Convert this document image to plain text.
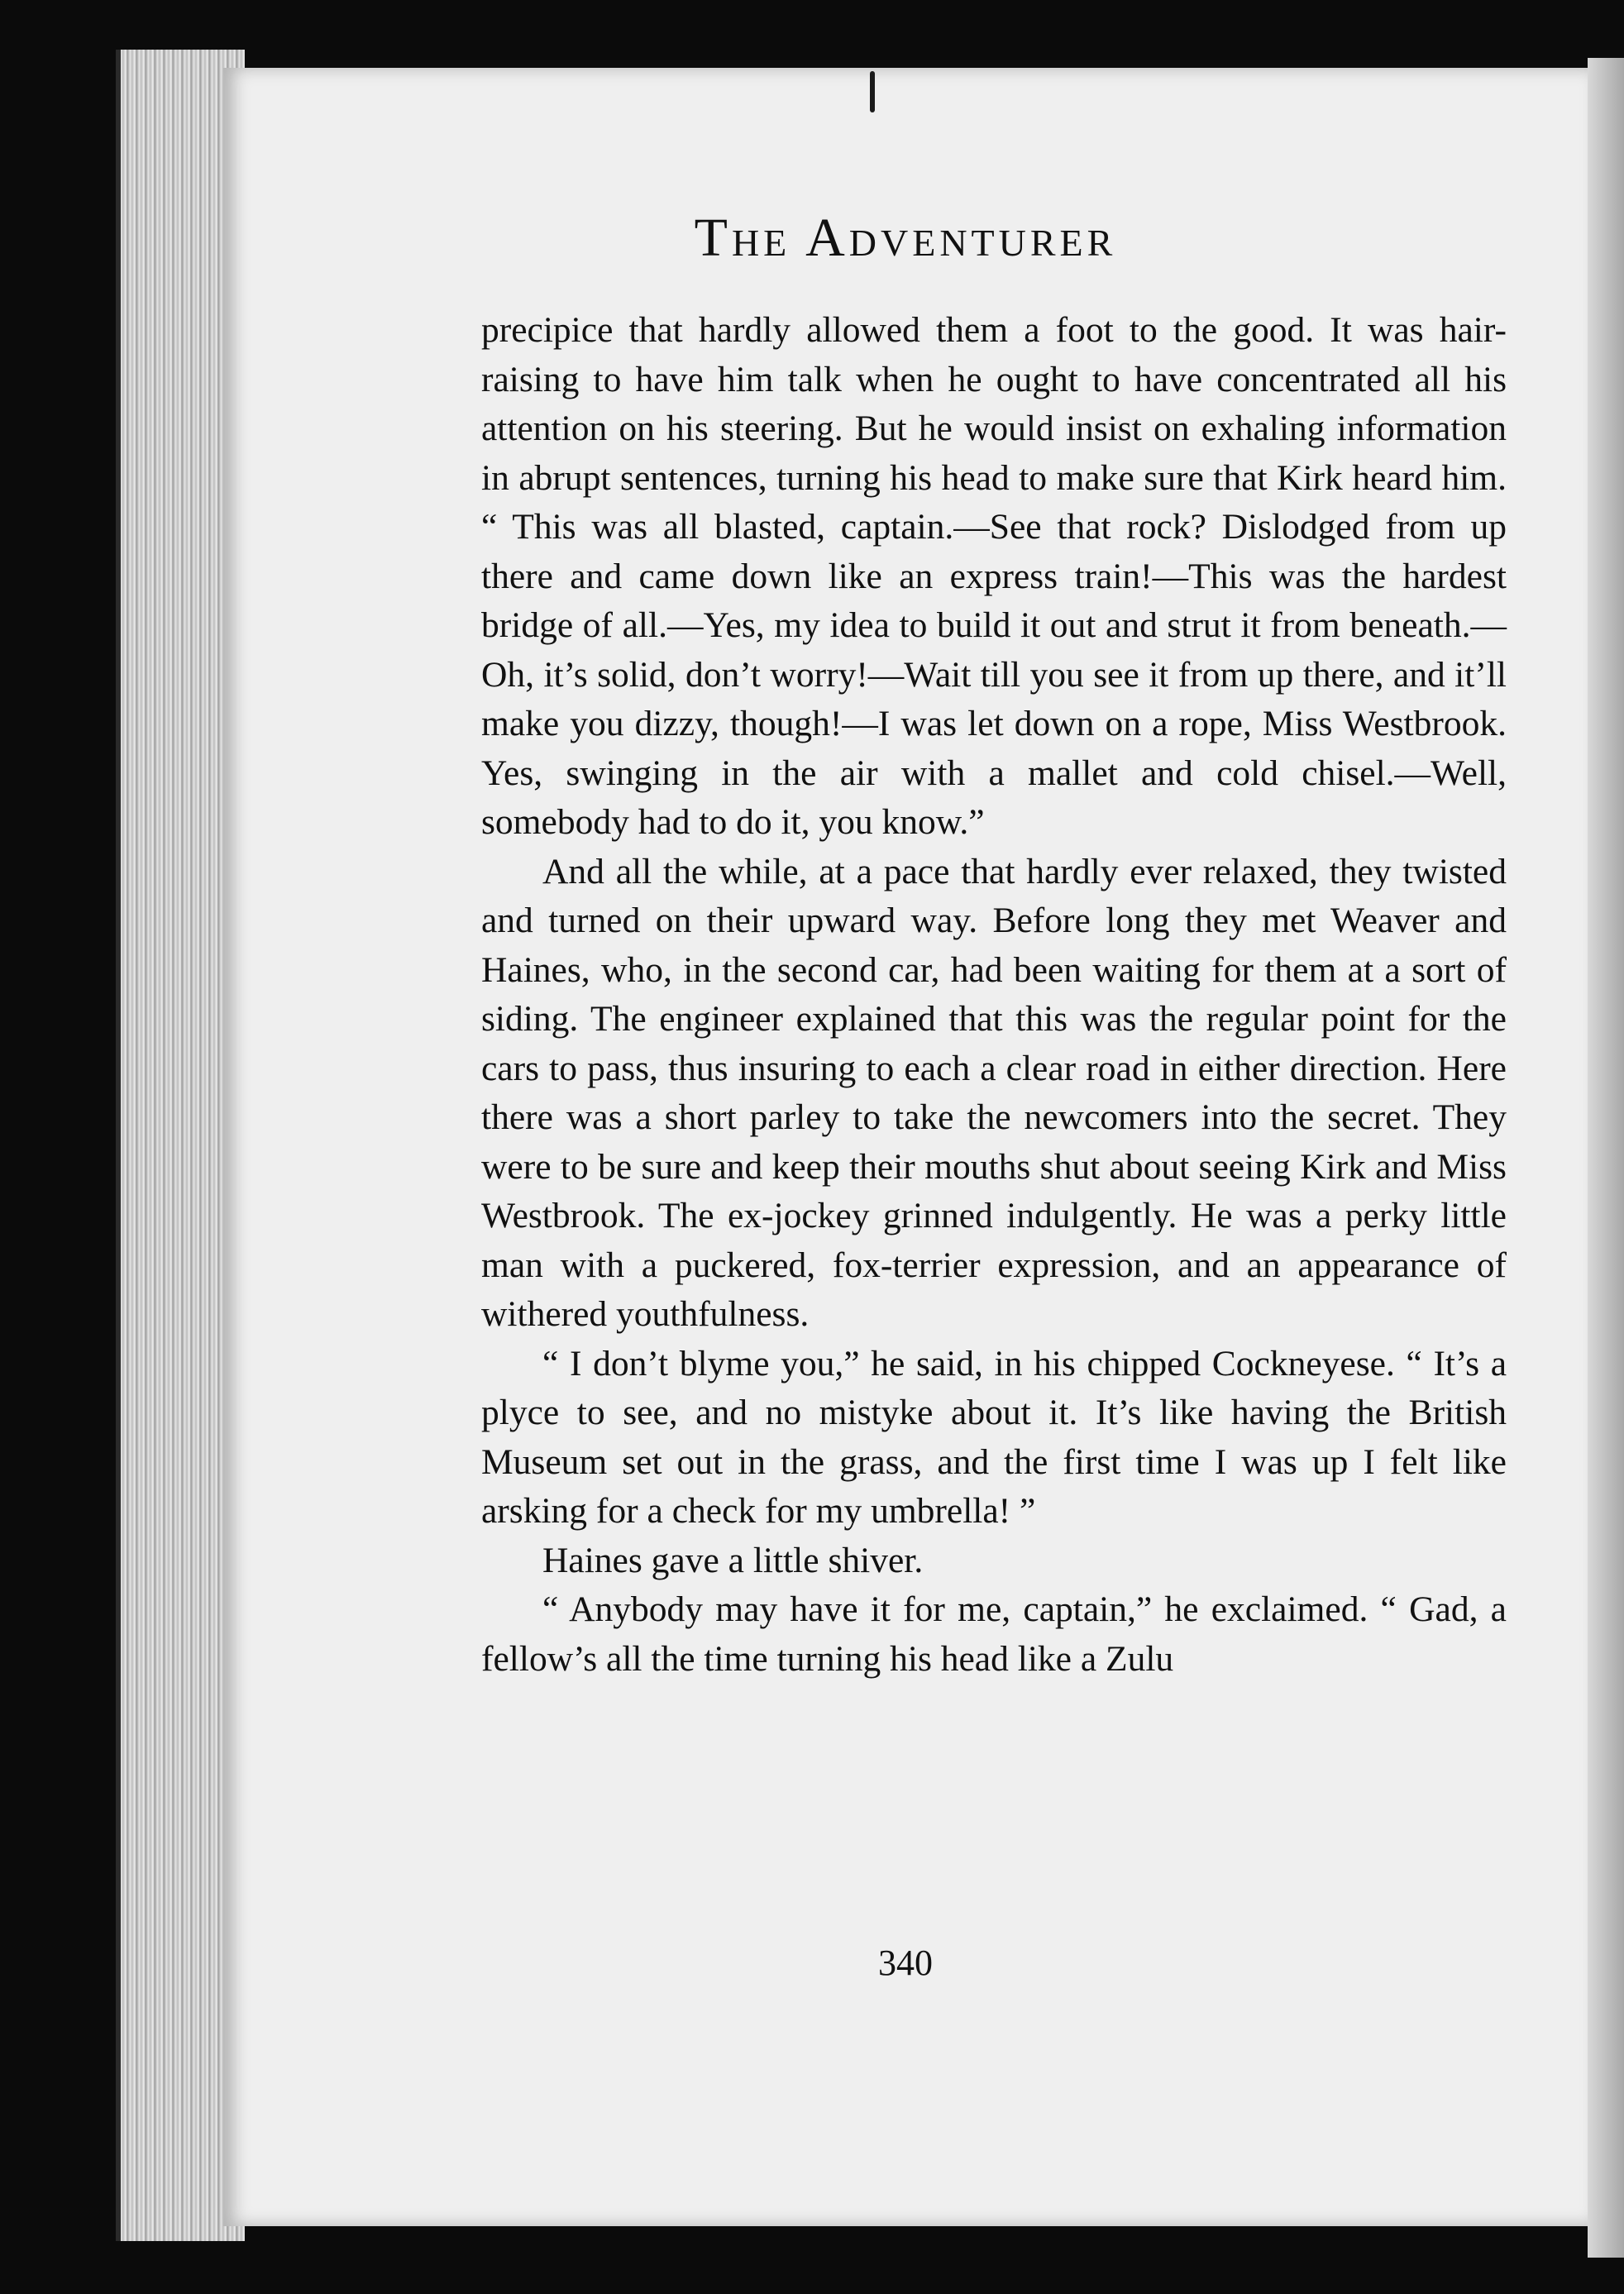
The Adventurer

precipice that hardly allowed them a foot to the good. It was hair-raising to have him talk when he ought to have concentrated all his attention on his steering. But he would insist on exhaling information in abrupt sentences, turning his head to make sure that Kirk heard him. “ This was all blasted, captain.—See that rock? Dislodged from up there and came down like an express train!—This was the hardest bridge of all.—Yes, my idea to build it out and strut it from beneath.—Oh, it’s solid, don’t worry!—Wait till you see it from up there, and it’ll make you dizzy, though!—I was let down on a rope, Miss Westbrook. Yes, swinging in the air with a mallet and cold chisel.—Well, somebody had to do it, you know.”

And all the while, at a pace that hardly ever relaxed, they twisted and turned on their upward way. Before long they met Weaver and Haines, who, in the second car, had been waiting for them at a sort of siding. The engineer explained that this was the regular point for the cars to pass, thus insuring to each a clear road in either direction. Here there was a short parley to take the newcomers into the secret. They were to be sure and keep their mouths shut about seeing Kirk and Miss Westbrook. The ex-jockey grinned indulgently. He was a perky little man with a puckered, fox-terrier expression, and an appearance of withered youthfulness.

“ I don’t blyme you,” he said, in his chipped Cockneyese. “ It’s a plyce to see, and no mistyke about it. It’s like having the British Museum set out in the grass, and the first time I was up I felt like arsking for a check for my umbrella! ”

Haines gave a little shiver.

“ Anybody may have it for me, captain,” he exclaimed. “ Gad, a fellow’s all the time turning his head like a Zulu

340
